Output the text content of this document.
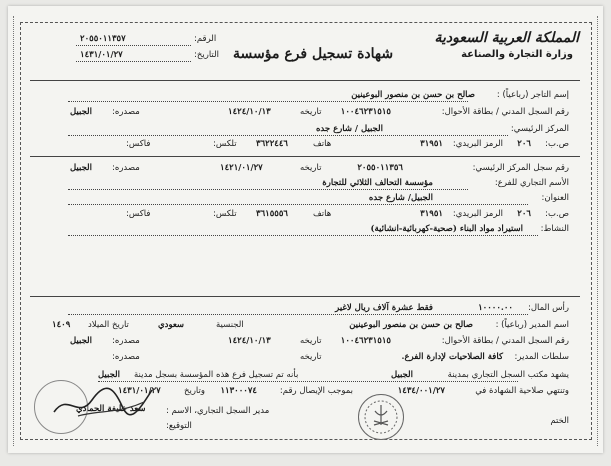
المملكة العربية السعودية
وزارة التجارة والصناعة
شهادة تسجيل فرع مؤسسة
الرقم:
٢٠٥٥٠١١٣٥٧
التاريخ:
١٤٣١/٠١/٢٧
إسم التاجر (رباعياً) :
صالح بن حسن بن منصور البوعينين
رقم السجل المدني / بطاقة الأحوال:
١٠٠٤٦٢٣١٥١٥
تاريخه
١٤٢٤/١٠/١٣
مصدره:
الجبيل
المركز الرئيسي:
الجبيل / شارع جده
ص.ب:
٢٠٦
الرمز البريدي:
٣١٩٥١
هاتف
٣٦٢٢٤٤٦
تلكس:
فاكس:
رقم سجل المركز الرئيسي:
٢٠٥٥٠١١٣٥٦
تاريخه
١٤٢١/٠١/٢٧
مصدره:
الجبيل
الأسم التجاري للفرع:
مؤسسة التحالف الثلاثي للتجارة
العنوان:
الجبيل/ شارع جده
ص.ب:
٢٠٦
الرمز البريدي:
٣١٩٥١
هاتف
٣٦١٥٥٥٦
تلكس:
فاكس:
النشاط:
استيراد مواد البناء (صحية-كهربائية-انشائية)
رأس المال:
١٠٠٠٠.٠٠
فقط عشرة آلاف ريال لاغير
اسم المدير (رباعياً) :
صالح بن حسن بن منصور البوعينين
الجنسية
سعودي
تاريخ الميلاد
١٤٠٩
رقم السجل المدني / بطاقة الأحوال:
١٠٠٤٦٢٣١٥١٥
تاريخه
١٤٢٤/١٠/١٣
مصدره:
الجبيل
سلطات المدير:
كافة الصلاحيات لإدارة الفرع.
تاريخه
مصدره:
يشهد مكتب السجل التجاري بمدينة
الجبيل
بأنه تم تسجيل فرع هذه المؤسسة بسجل مدينة
الجبيل
وتنتهي صلاحية الشهادة في
١٤٣٤/٠٠١/٢٧
بموجب الإيصال رقم:
١١٣٠٠٠٧٤
وتاريخ
١٤٣١/٠١/٢٧
الختم
مدير السجل التجاري، الاسم :
سعد خليفة الحمادي
التوقيع:
